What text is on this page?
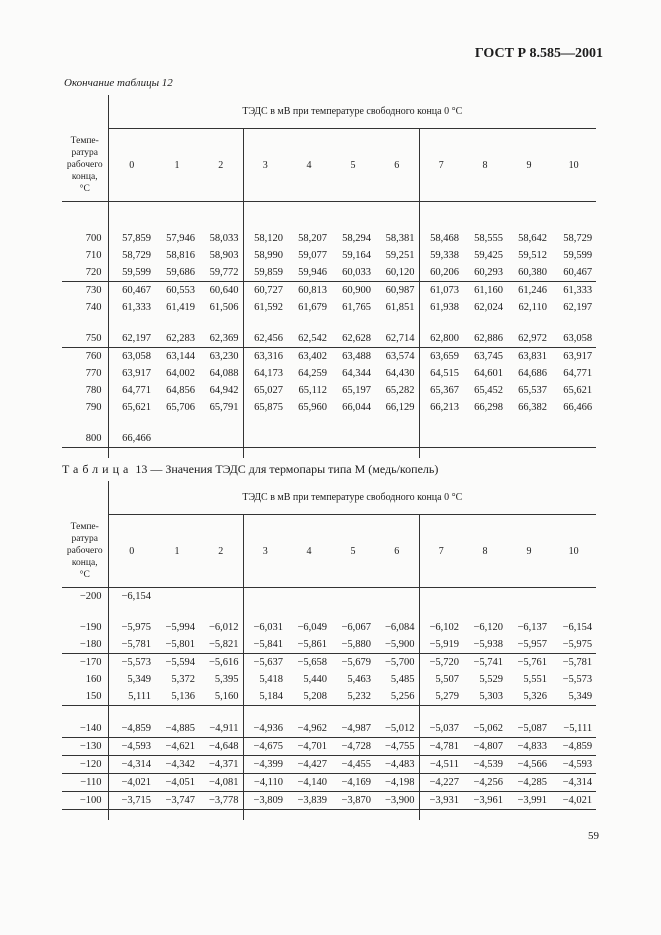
ГОСТ Р 8.585—2001
Окончание таблицы 12
	ТЭДС в мВ при температуре свободного конца 0 °С										

Темпе-
ратура
рабочего
конца,
°С	0	1	2	3	4	5	6	7	8	9	10

700	57,859	57,946	58,033	58,120	58,207	58,294	58,381	58,468	58,555	58,642	58,729
710	58,729	58,816	58,903	58,990	59,077	59,164	59,251	59,338	59,425	59,512	59,599
720	59,599	59,686	59,772	59,859	59,946	60,033	60,120	60,206	60,293	60,380	60,467
730	60,467	60,553	60,640	60,727	60,813	60,900	60,987	61,073	61,160	61,246	61,333
740	61,333	61,419	61,506	61,592	61,679	61,765	61,851	61,938	62,024	62,110	62,197

750	62,197	62,283	62,369	62,456	62,542	62,628	62,714	62,800	62,886	62,972	63,058
760	63,058	63,144	63,230	63,316	63,402	63,488	63,574	63,659	63,745	63,831	63,917
770	63,917	64,002	64,088	64,173	64,259	64,344	64,430	64,515	64,601	64,686	64,771
780	64,771	64,856	64,942	65,027	65,112	65,197	65,282	65,367	65,452	65,537	65,621
790	65,621	65,706	65,791	65,875	65,960	66,044	66,129	66,213	66,298	66,382	66,466

800	66,466										

Таблица 13 — Значения ТЭДС для термопары типа М (медь/копель)
	ТЭДС в мВ при температуре свободного конца 0 °С										

Темпе-
ратура
рабочего
конца,
°С	0	1	2	3	4	5	6	7	8	9	10
−200	−6,154										

−190	−5,975	−5,994	−6,012	−6,031	−6,049	−6,067	−6,084	−6,102	−6,120	−6,137	−6,154
−180	−5,781	−5,801	−5,821	−5,841	−5,861	−5,880	−5,900	−5,919	−5,938	−5,957	−5,975
−170	−5,573	−5,594	−5,616	−5,637	−5,658	−5,679	−5,700	−5,720	−5,741	−5,761	−5,781
160	5,349	5,372	5,395	5,418	5,440	5,463	5,485	5,507	5,529	5,551	−5,573
150	5,111	5,136	5,160	5,184	5,208	5,232	5,256	5,279	5,303	5,326	5,349

−140	−4,859	−4,885	−4,911	−4,936	−4,962	−4,987	−5,012	−5,037	−5,062	−5,087	−5,111
−130	−4,593	−4,621	−4,648	−4,675	−4,701	−4,728	−4,755	−4,781	−4,807	−4,833	−4,859
−120	−4,314	−4,342	−4,371	−4,399	−4,427	−4,455	−4,483	−4,511	−4,539	−4,566	−4,593
−110	−4,021	−4,051	−4,081	−4,110	−4,140	−4,169	−4,198	−4,227	−4,256	−4,285	−4,314
−100	−3,715	−3,747	−3,778	−3,809	−3,839	−3,870	−3,900	−3,931	−3,961	−3,991	−4,021

59
